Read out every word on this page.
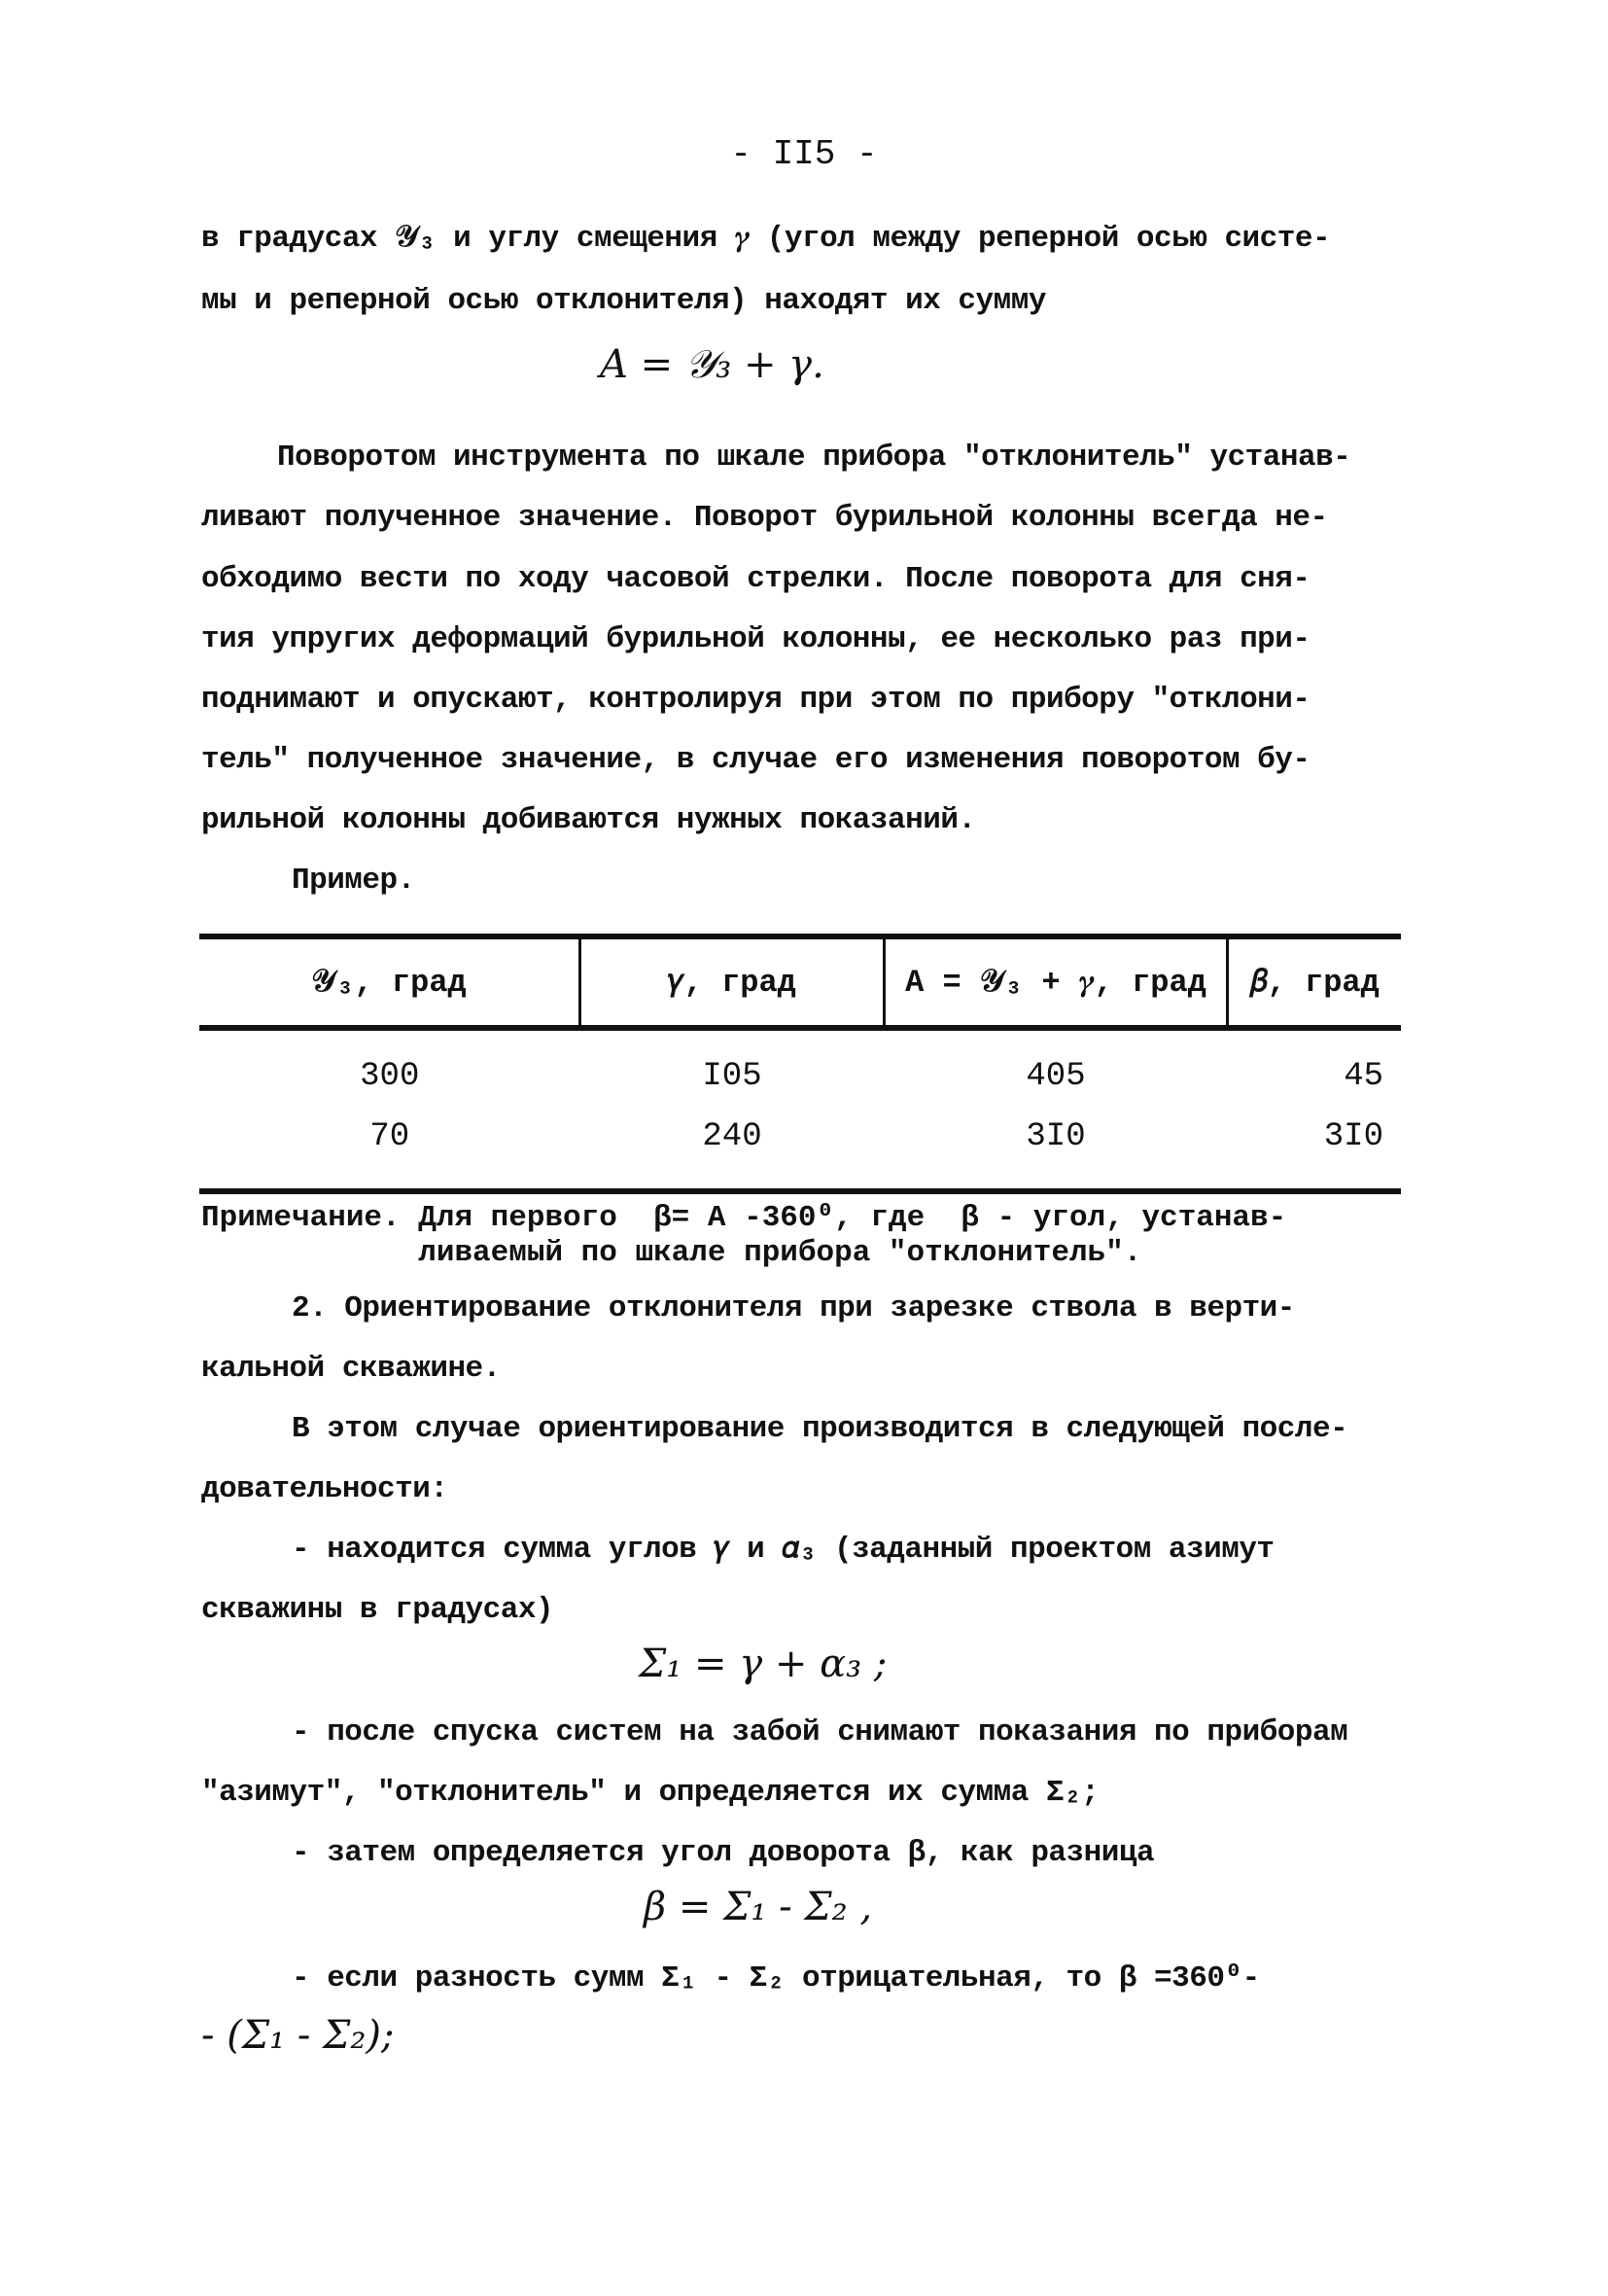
- II5 -
в градусах 𝒴₃ и углу смещения 𝛾 (угол между реперной осью систе-
мы и реперной осью отклонителя) находят их сумму
A = 𝒴₃ + 𝛾.
Поворотом инструмента по шкале прибора "отклонитель" устанав-
ливают полученное значение. Поворот бурильной колонны всегда не-
обходимо вести по ходу часовой стрелки. После поворота для сня-
тия упругих деформаций бурильной колонны, ее несколько раз при-
поднимают и опускают, контролируя при этом по прибору "отклони-
тель" полученное значение, в случае его изменения поворотом бу-
рильной колонны добиваются нужных показаний.
Пример.
𝒴₃, град	𝛾, град	A = 𝒴₃ + 𝛾, град	𝛽, град
300	I05	405	45
70	240	3I0	3I0
Примечание. Для первого  β= A -360⁰, где  β - угол, устанав-
ливаемый по шкале прибора "отклонитель".
2. Ориентирование отклонителя при зарезке ствола в верти-
кальной скважине.
В этом случае ориентирование производится в следующей после-
довательности:
- находится сумма углов 𝛾 и 𝛼₃ (заданный проектом азимут
скважины в градусах)
Σ₁ = 𝛾 + 𝛼₃ ;
- после спуска систем на забой снимают показания по приборам
"азимут", "отклонитель" и определяется их сумма Σ₂;
- затем определяется угол доворота β, как разница
β = Σ₁ - Σ₂ ,
- если разность сумм Σ₁ - Σ₂ отрицательная, то β =360⁰-
- (Σ₁ - Σ₂);
